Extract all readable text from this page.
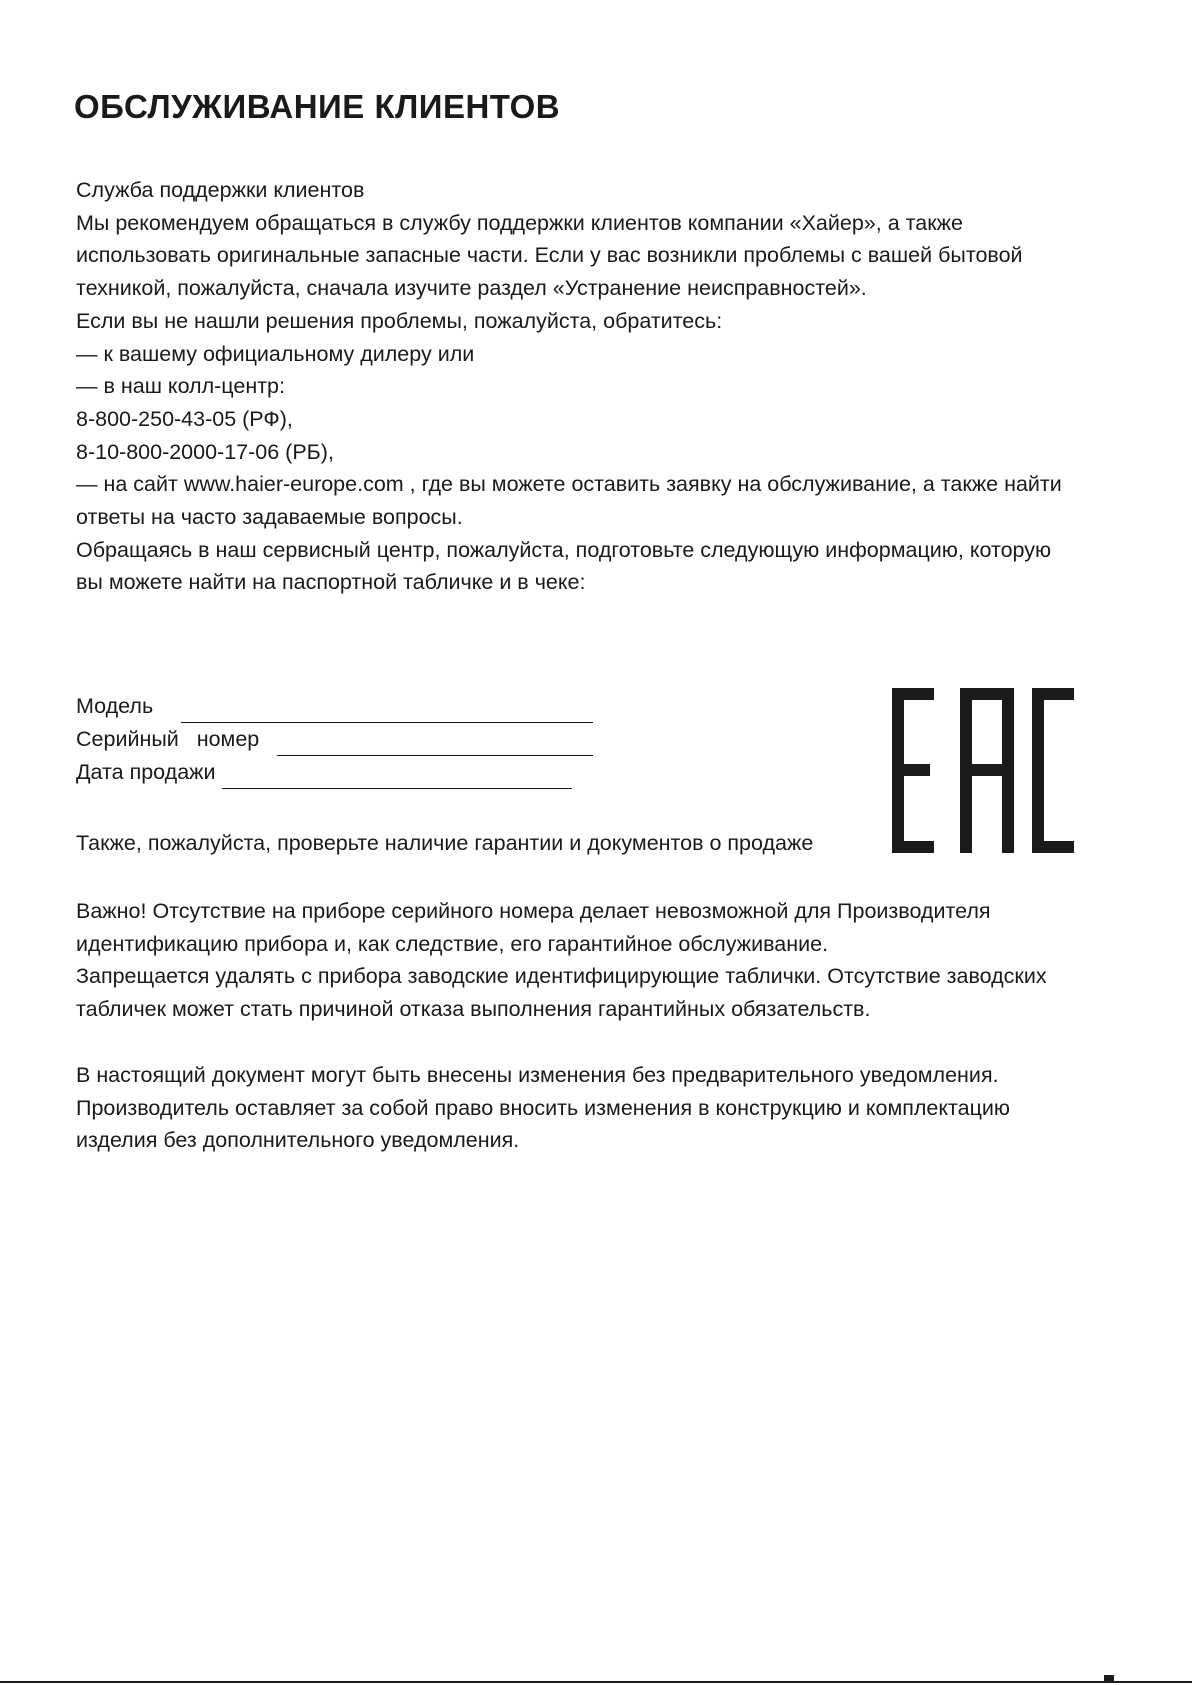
ОБСЛУЖИВАНИЕ КЛИЕНТОВ

Служба поддержки клиентов

Мы рекомендуем обращаться в службу поддержки клиентов компании «Хайер», а также

использовать оригинальные запасные части. Если у вас возникли проблемы с вашей бытовой

техникой, пожалуйста, сначала изучите раздел «Устранение неисправностей».

Если вы не нашли решения проблемы, пожалуйста, обратитесь:

— к вашему официальному дилеру или

— в наш колл-центр:

8-800-250-43-05 (РФ),

8-10-800-2000-17-06 (РБ),

— на сайт www.haier-europe.com , где вы можете оставить заявку на обслуживание, а также найти

ответы на часто задаваемые вопросы.

Обращаясь в наш сервисный центр, пожалуйста, подготовьте следующую информацию, которую

вы можете найти на паспортной табличке и в чеке:

Модель
Серийный   номер
Дата продажи

Также, пожалуйста, проверьте наличие гарантии и документов о продаже

Важно! Отсутствие на приборе серийного номера делает невозможной для Производителя

идентификацию прибора и, как следствие, его гарантийное обслуживание.

Запрещается удалять с прибора заводские идентифицирующие таблички. Отсутствие заводских

табличек может стать причиной отказа выполнения гарантийных обязательств.

В настоящий документ могут быть внесены изменения без предварительного уведомления.

Производитель оставляет за собой право вносить изменения в конструкцию и комплектацию

изделия без дополнительного уведомления.
